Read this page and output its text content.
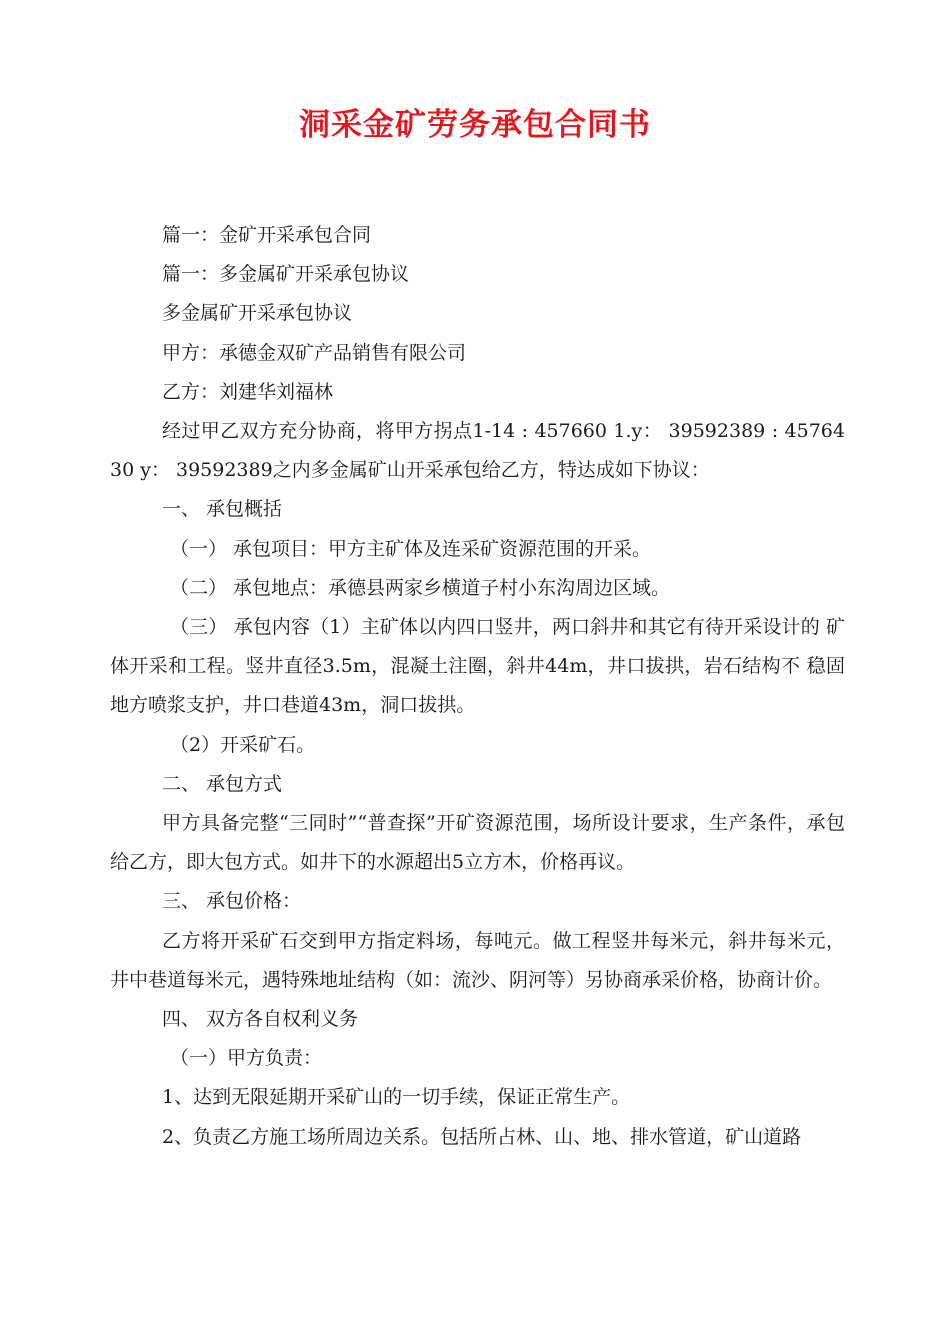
洞采金矿劳务承包合同书

篇一：金矿开采承包合同

篇一：多金属矿开采承包协议

多金属矿开采承包协议

甲方：承德金双矿产品销售有限公司

乙方：刘建华刘福林

经过甲乙双方充分协商，将甲方拐点1-14 : 457660 1.y： 39592389 : 4576430 y： 39592389之内多金属矿山开采承包给乙方，特达成如下协议：

一、 承包概括

（一） 承包项目：甲方主矿体及连采矿资源范围的开采。

（二） 承包地点：承德县两家乡横道子村小东沟周边区域。

（三） 承包内容（1）主矿体以内四口竖井，两口斜井和其它有待开采设计的 矿体开采和工程。竖井直径3.5m，混凝土注圈，斜井44m，井口拔拱，岩石结构不 稳固地方喷浆支护，井口巷道43m，洞口拔拱。

（2）开采矿石。

二、 承包方式

甲方具备完整“三同时”“普查探”开矿资源范围，场所设计要求，生产条件，承包给乙方，即大包方式。如井下的水源超出5立方木，价格再议。

三、 承包价格：

乙方将开采矿石交到甲方指定料场，每吨元。做工程竖井每米元，斜井每米元，井中巷道每米元，遇特殊地址结构（如：流沙、阴河等）另协商承采价格，协商计价。

四、 双方各自权利义务

（一）甲方负责：

1、达到无限延期开采矿山的一切手续，保证正常生产。

2、负责乙方施工场所周边关系。包括所占林、山、地、排水管道，矿山道路
